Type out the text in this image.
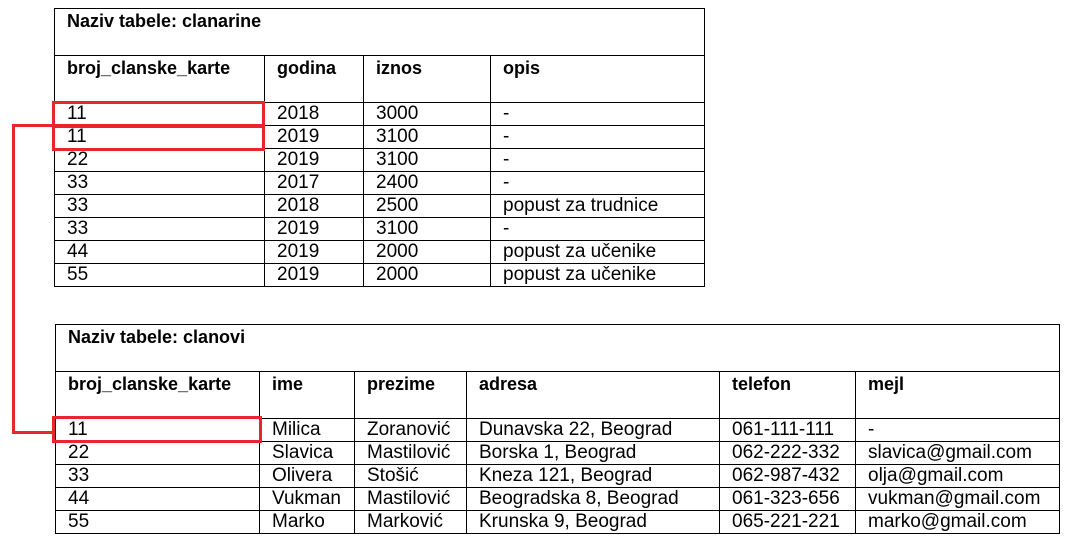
Naziv tabele: clanarine			
broj_clanske_karte	godina	iznos	opis
11	2018	3000	-
11	2019	3100	-
22	2019	3100	-
33	2017	2400	-
33	2018	2500	popust za trudnice
33	2019	3100	-
44	2019	2000	popust za učenike
55	2019	2000	popust za učenike
Naziv tabele: clanovi					
broj_clanske_karte	ime	prezime	adresa	telefon	mejl
11	Milica	Zoranović	Dunavska 22, Beograd	061-111-111	-
22	Slavica	Mastilović	Borska 1, Beograd	062-222-332	slavica@gmail.com
33	Olivera	Stošić	Kneza 121, Beograd	062-987-432	olja@gmail.com
44	Vukman	Mastilović	Beogradska 8, Beograd	061-323-656	vukman@gmail.com
55	Marko	Marković	Krunska 9, Beograd	065-221-221	marko@gmail.com
